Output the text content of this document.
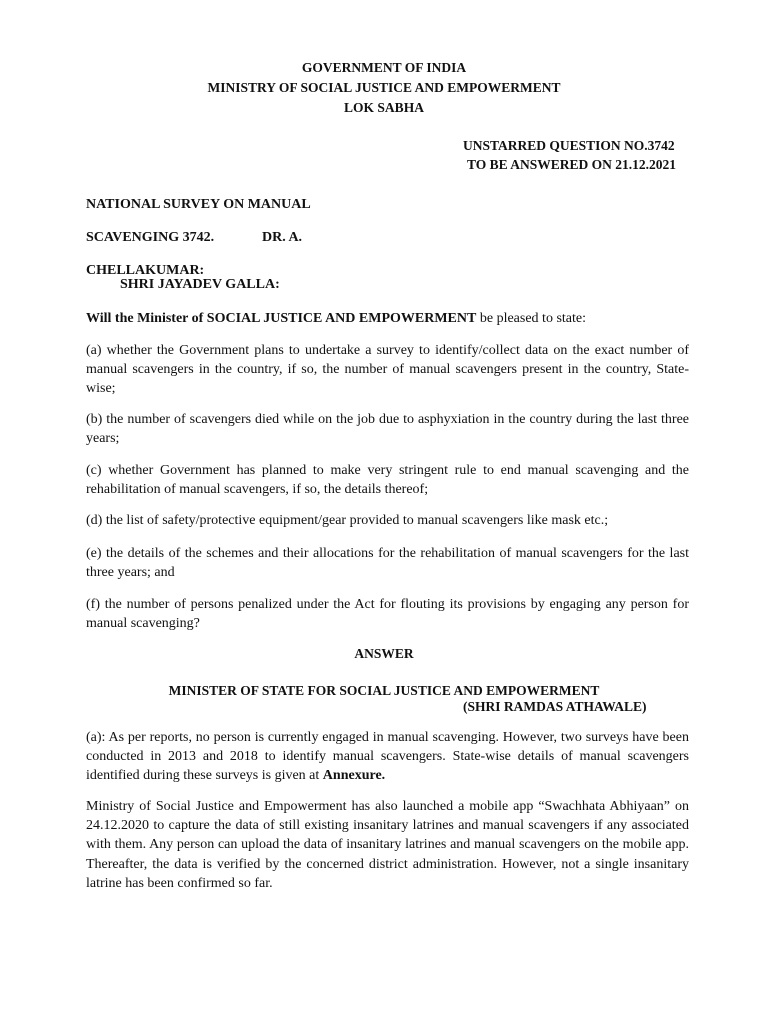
GOVERNMENT OF INDIA
MINISTRY OF SOCIAL JUSTICE AND EMPOWERMENT
LOK SABHA
UNSTARRED QUESTION NO.3742
TO BE ANSWERED ON 21.12.2021
NATIONAL SURVEY ON MANUAL
SCAVENGING 3742.	DR. A.
CHELLAKUMAR:
SHRI JAYADEV GALLA:
Will the Minister of SOCIAL JUSTICE AND EMPOWERMENT be pleased to state:
(a) whether the Government plans to undertake a survey to identify/collect data on the exact number of manual scavengers in the country, if so, the number of manual scavengers present in the country, State-wise;
(b) the number of scavengers died while on the job due to asphyxiation in the country during the last three years;
(c) whether Government has planned to make very stringent rule to end manual scavenging and the rehabilitation of manual scavengers, if so, the details thereof;
(d) the list of safety/protective equipment/gear provided to manual scavengers like mask etc.;
(e) the details of the schemes and their allocations for the rehabilitation of manual scavengers for the last three years; and
(f) the number of persons penalized under the Act for flouting its provisions by engaging any person for manual scavenging?
ANSWER
MINISTER OF STATE FOR SOCIAL JUSTICE AND EMPOWERMENT
(SHRI RAMDAS ATHAWALE)
(a): As per reports, no person is currently engaged in manual scavenging. However, two surveys have been conducted in 2013 and 2018 to identify manual scavengers. State-wise details of manual scavengers identified during these surveys is given at Annexure.
Ministry of Social Justice and Empowerment has also launched a mobile app “Swachhata Abhiyaan” on 24.12.2020 to capture the data of still existing insanitary latrines and manual scavengers if any associated with them. Any person can upload the data of insanitary latrines and manual scavengers on the mobile app. Thereafter, the data is verified by the concerned district administration. However, not a single insanitary latrine has been confirmed so far.
